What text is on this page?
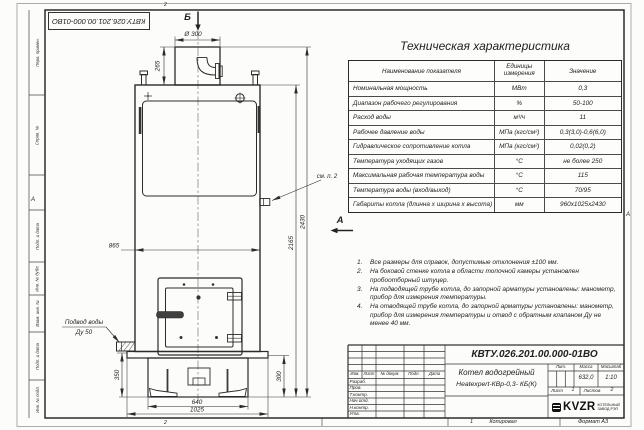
Б
А
Ø 300
265
865	2165
2430
см. п. 2
Подвод воды
Ду 50
350	300
640
1025
Перв. примен.
Справ. №
Подп. и дата
Инв. № дубл.
Взам. инв. №
Подп. и дата
Инв. № подл.
2
2
А
А
КВТУ.026.201.00.000-01ВО
Техническая характеристика
Наименование показателя
Единицы измерения	Значение
Номинальная мощность	МВт	0,3
Диапазон рабочего регулирования	%	50-100
Расход воды	м³/ч	11
Рабочее давление воды	МПа (кгс/см²)	0,3(3,0)-0,6(6,0)
Гидравлическое сопротивление котла	МПа (кгс/см²)	0,02(0,2)
Температура уходящих газов	°С	не более 250
Максимальная рабочая температура воды	°С	115
Температура воды (вход/выход)	°С	70/95
Габариты котла (длинна х ширина х высота)	мм	960х1025х2430
1.	Все размеры для справок, допустимые отклонения ±100 мм.
2.	На боковой стенке котла в области топочной камеры установлен пробоотборный штуцер.
3.	На подводящей трубе котла, до запорной арматуры установлены: манометр, прибор для измерения температуры.
4.	На отводящей трубе котла, до запорной арматуры установлены: манометр, прибор для измерения температуры и отвод с обратным клапаном Ду не менее 40 мм.
КВТУ.026.201.00.000-01ВО
Котел водогрейный
Heatexpert-КВр-0,3- КБ(К)
Изм. Лист	№ докум.	Подп.	Дата
Разраб.
Пров.
Т.контр.
Нач.отд.
Н.контр.
Утв.
Лит.	Масса	Масштаб
632,0	1:10
Лист	1	Листов	2
KVZR КОТЕЛЬНЫЙ
ЗАВОД РЭП
1	Копировал	Формат А3
